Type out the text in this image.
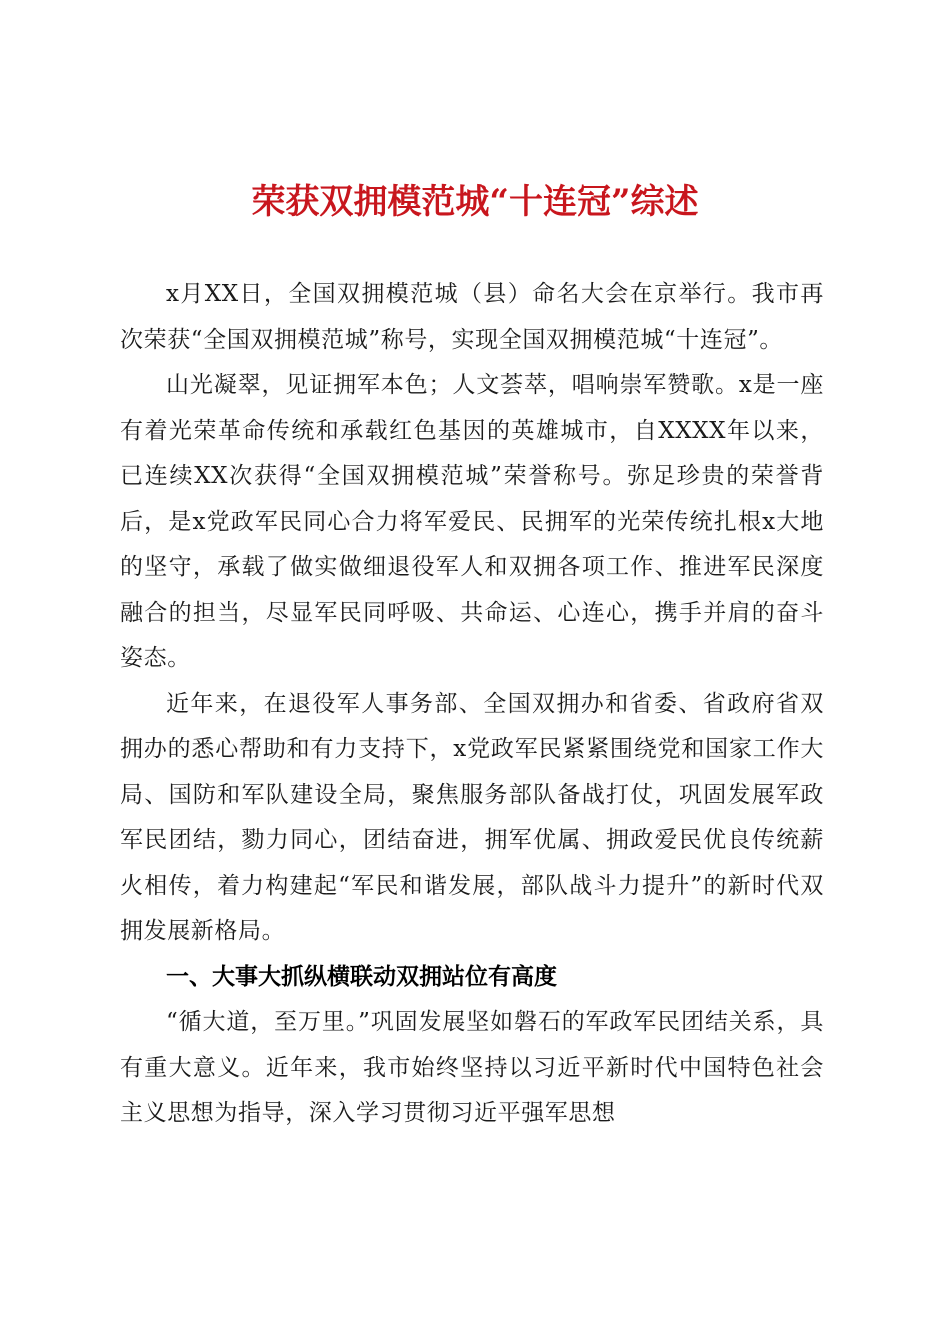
荣获双拥模范城“十连冠”综述

x月XX日，全国双拥模范城（县）命名大会在京举行。我市再次荣获“全国双拥模范城”称号，实现全国双拥模范城“十连冠”。

山光凝翠，见证拥军本色；人文荟萃，唱响崇军赞歌。x是一座有着光荣革命传统和承载红色基因的英雄城市，自XXXX年以来，已连续XX次获得“全国双拥模范城”荣誉称号。弥足珍贵的荣誉背后，是x党政军民同心合力将军爱民、民拥军的光荣传统扎根x大地的坚守，承载了做实做细退役军人和双拥各项工作、推进军民深度融合的担当，尽显军民同呼吸、共命运、心连心，携手并肩的奋斗姿态。

近年来，在退役军人事务部、全国双拥办和省委、省政府省双拥办的悉心帮助和有力支持下，x党政军民紧紧围绕党和国家工作大局、国防和军队建设全局，聚焦服务部队备战打仗，巩固发展军政军民团结，勠力同心，团结奋进，拥军优属、拥政爱民优良传统薪火相传，着力构建起“军民和谐发展，部队战斗力提升”的新时代双拥发展新格局。

一、大事大抓纵横联动双拥站位有高度

“循大道，至万里。”巩固发展坚如磐石的军政军民团结关系，具有重大意义。近年来，我市始终坚持以习近平新时代中国特色社会主义思想为指导，深入学习贯彻习近平强军思想
